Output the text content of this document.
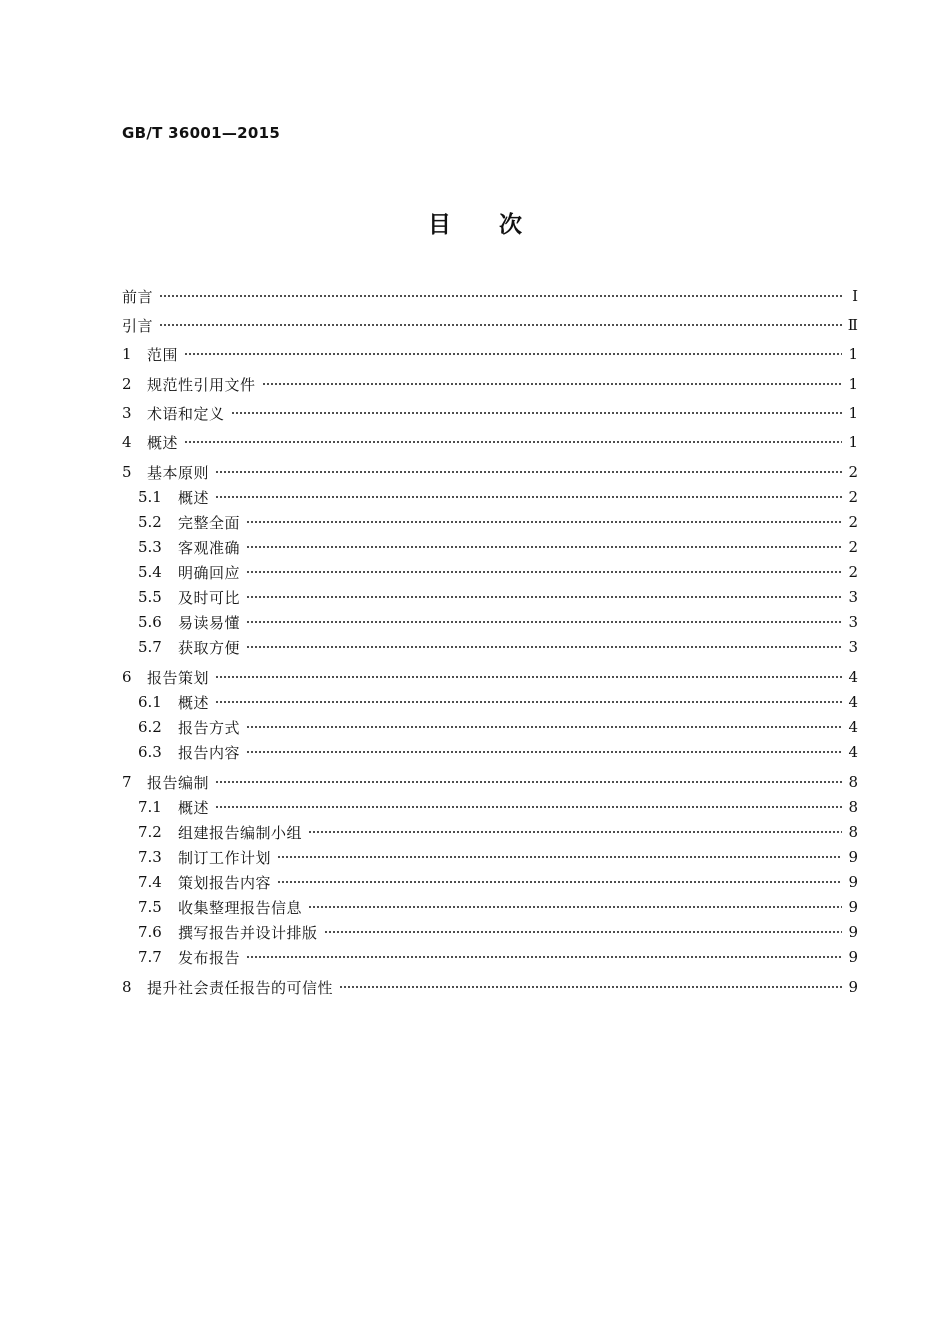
GB/T 36001—2015
目 次
前言	Ⅰ
引言	Ⅱ
1	范围	1
2	规范性引用文件	1
3	术语和定义	1
4	概述	1
5	基本原则	2
5.1	概述	2
5.2	完整全面	2
5.3	客观准确	2
5.4	明确回应	2
5.5	及时可比	3
5.6	易读易懂	3
5.7	获取方便	3
6	报告策划	4
6.1	概述	4
6.2	报告方式	4
6.3	报告内容	4
7	报告编制	8
7.1	概述	8
7.2	组建报告编制小组	8
7.3	制订工作计划	9
7.4	策划报告内容	9
7.5	收集整理报告信息	9
7.6	撰写报告并设计排版	9
7.7	发布报告	9
8	提升社会责任报告的可信性	9
